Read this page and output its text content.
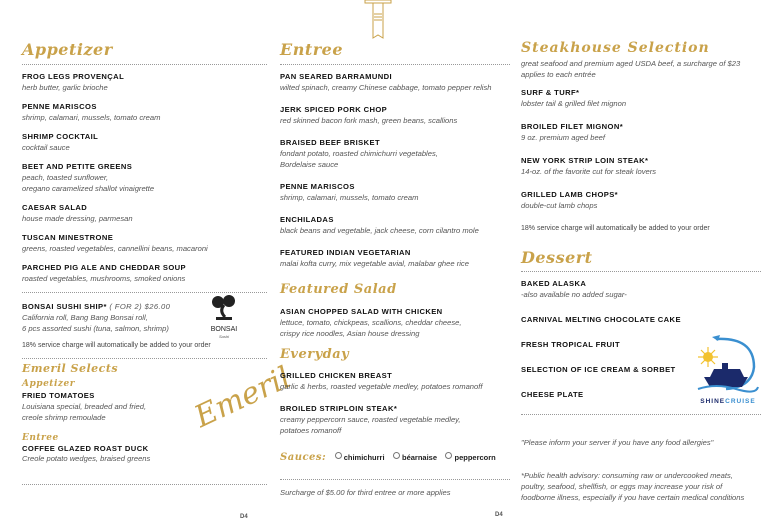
Appetizer
FROG LEGS PROVENÇAL
herb butter, garlic brioche
PENNE MARISCOS
shrimp, calamari, mussels, tomato cream
SHRIMP COCKTAIL
cocktail sauce
BEET AND PETITE GREENS
peach, toasted sunflower,
oregano caramelized shallot vinaigrette
CAESAR SALAD
house made dressing, parmesan
TUSCAN MINESTRONE
greens, roasted vegetables, cannellini beans, macaroni
PARCHED PIG ALE AND CHEDDAR SOUP
roasted vegetables, mushrooms, smoked onions
BONSAI SUSHI SHIP* ( FOR 2) $26.00
California roll, Bang Bang Bonsai roll,
6 pcs assorted sushi (tuna, salmon, shrimp)	BONSAI
Sushi
18% service charge will automatically be added to your order
Emeril Selects
Appetizer
FRIED TOMATOES
Louisiana special, breaded and fried,
creole shrimp remoulade
Entree
COFFEE GLAZED ROAST DUCK
Creole potato wedges, braised greens
Emeril
D4
Entree
PAN SEARED BARRAMUNDI
wilted spinach, creamy Chinese cabbage, tomato pepper relish
JERK SPICED PORK CHOP
red skinned bacon fork mash, green beans, scallions
BRAISED BEEF BRISKET
fondant potato, roasted chimichurri vegetables,
Bordelaise sauce
PENNE MARISCOS
shrimp, calamari, mussels, tomato cream
ENCHILADAS
black beans and vegetable, jack cheese, corn cilantro mole
FEATURED INDIAN VEGETARIAN
malai kofta curry, mix vegetable avial, malabar ghee rice
Featured Salad
ASIAN CHOPPED SALAD WITH CHICKEN
lettuce, tomato, chickpeas, scallions, cheddar cheese,
crispy rice noodles, Asian house dressing
Everyday
GRILLED CHICKEN BREAST
garlic & herbs, roasted vegetable medley, potatoes romanoff
BROILED STRIPLOIN STEAK*
creamy peppercorn sauce, roasted vegetable medley,
potatoes romanoff
Sauces: chimichurri béarnaise peppercorn
Surcharge of $5.00 for third entree or more applies
D4
Steakhouse Selection
great seafood and premium aged USDA beef, a surcharge of $23
applies to each entrée
SURF & TURF*
lobster tail & grilled filet mignon
BROILED FILET MIGNON*
9 oz. premium aged beef
NEW YORK STRIP LOIN STEAK*
14-oz. of the favorite cut for steak lovers
GRILLED LAMB CHOPS*
double-cut lamb chops
18% service charge will automatically be added to your order
Dessert
BAKED ALASKA
-also available no added sugar-
CARNIVAL MELTING CHOCOLATE CAKE
FRESH TROPICAL FRUIT
SELECTION OF ICE CREAM & SORBET
CHEESE PLATE
"Please inform your server if you have any food allergies"
*Public health advisory: consuming raw or undercooked meats,
poultry, seafood, shellfish, or eggs may increase your risk of
foodborne illness, especially if you have certain medical conditions
SHINECRUISE
